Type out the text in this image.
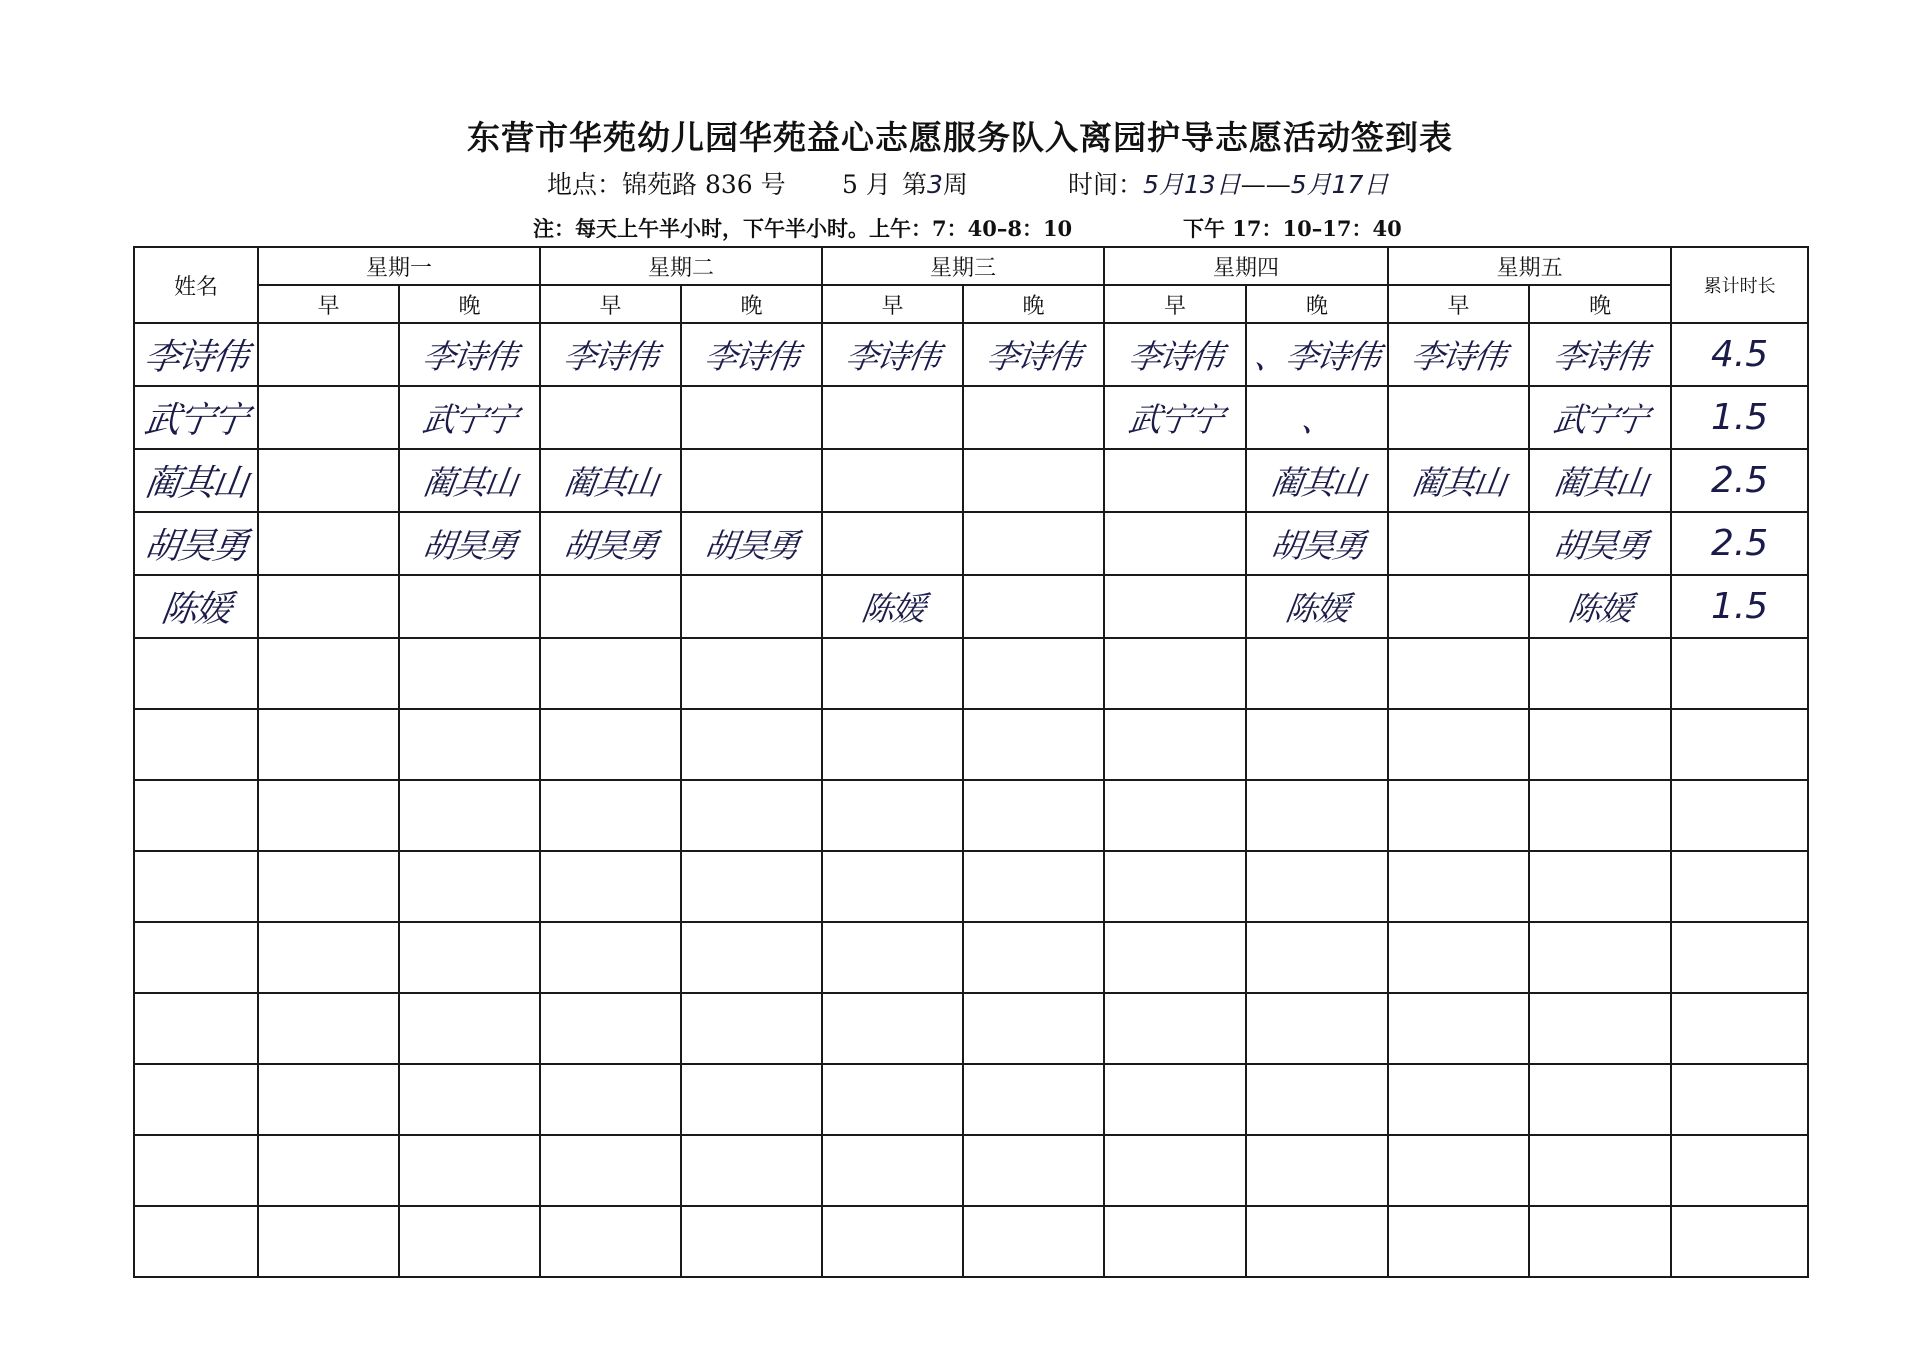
东营市华苑幼儿园华苑益心志愿服务队入离园护导志愿活动签到表
地点：锦苑路 836 号 5 月 第3周	时间：5月13日——5月17日
注：每天上午半小时，下午半小时。上午：7：40–8：10	下午 17：10–17：40
姓名	星期一		星期二		星期三		星期四		星期五		累计时长
	早	晚	早	晚	早	晚	早	晚	早	晚	
李诗伟		李诗伟	李诗伟	李诗伟	李诗伟	李诗伟	李诗伟	、李诗伟	李诗伟	李诗伟	4.5
武宁宁		武宁宁					武宁宁	、		武宁宁	1.5
蔺其山		蔺其山	蔺其山					蔺其山	蔺其山	蔺其山	2.5
胡昊勇		胡昊勇	胡昊勇	胡昊勇				胡昊勇		胡昊勇	2.5
陈媛					陈媛			陈媛		陈媛	1.5
